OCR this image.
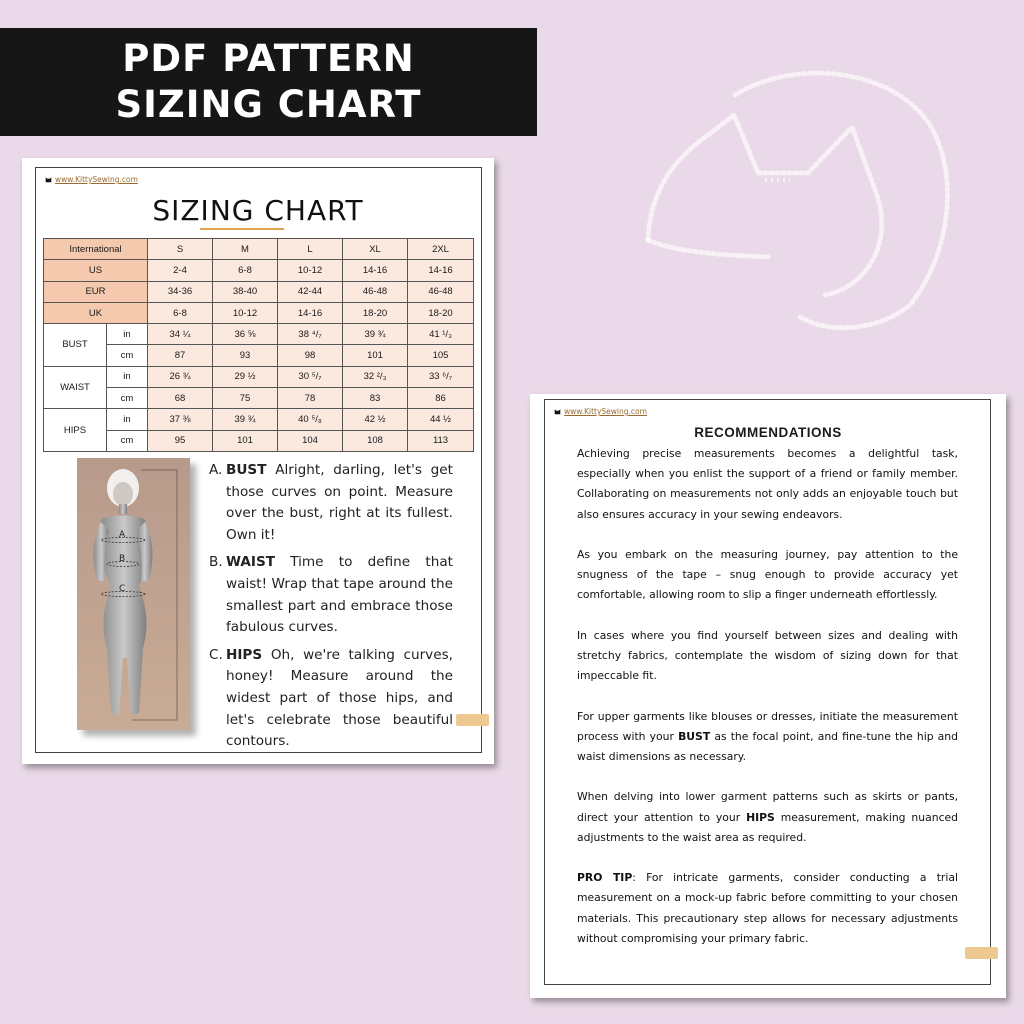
PDF PATTERN
SIZING CHART
www.KittySewing.com
SIZING CHART
International		S	M	L	XL	2XL
US		2-4	6-8	10-12	14-16	14-16
EUR		34-36	38-40	42-44	46-48	46-48
UK		6-8	10-12	14-16	18-20	18-20
BUST	in	34 ¼	36 ⅝	38 ⁴/₇	39 ¾	41 ¹/₃
	cm	87	93	98	101	105
WAIST	in	26 ¾	29 ½	30 ⁵/₇	32 ²/₃	33 ⁶/₇
	cm	68	75	78	83	86
HIPS	in	37 ⅜	39 ¾	40 ⁵/₈	42 ½	44 ½
	cm	95	101	104	108	113
A
B
C
A. BUST Alright, darling, let's get those curves on point. Measure over the bust, right at its fullest. Own it!
B. WAIST Time to define that waist! Wrap that tape around the smallest part and embrace those fabulous curves.
C. HIPS Oh, we're talking curves, honey! Measure around the widest part of those hips, and let's celebrate those beautiful contours.
www.KittySewing.com
RECOMMENDATIONS

Achieving precise measurements becomes a delightful task, especially when you enlist the support of a friend or family member. Collaborating on measurements not only adds an enjoyable touch but also ensures accuracy in your sewing endeavors.

As you embark on the measuring journey, pay attention to the snugness of the tape – snug enough to provide accuracy yet comfortable, allowing room to slip a finger underneath effortlessly.

In cases where you find yourself between sizes and dealing with stretchy fabrics, contemplate the wisdom of sizing down for that impeccable fit.

For upper garments like blouses or dresses, initiate the measurement process with your BUST as the focal point, and fine-tune the hip and waist dimensions as necessary.

When delving into lower garment patterns such as skirts or pants, direct your attention to your HIPS measurement, making nuanced adjustments to the waist area as required.

PRO TIP: For intricate garments, consider conducting a trial measurement on a mock-up fabric before committing to your chosen materials. This precautionary step allows for necessary adjustments without compromising your primary fabric.
